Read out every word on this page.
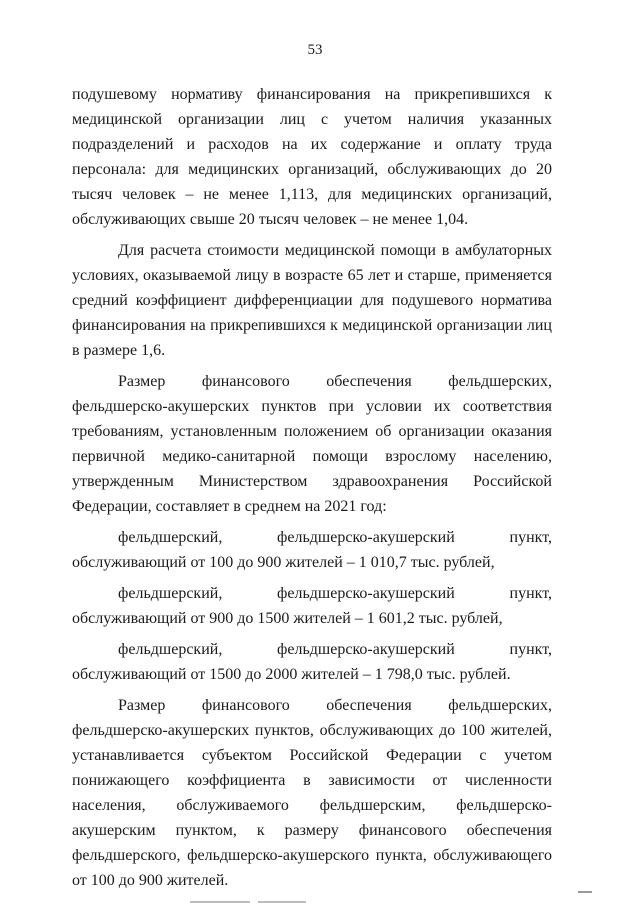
53

подушевому нормативу финансирования на прикрепившихся к медицинской организации лиц с учетом наличия указанных подразделений и расходов на их содержание и оплату труда персонала: для медицинских организаций, обслуживающих до 20 тысяч человек – не менее 1,113, для медицинских организаций, обслуживающих свыше 20 тысяч человек – не менее 1,04.

Для расчета стоимости медицинской помощи в амбулаторных условиях, оказываемой лицу в возрасте 65 лет и старше, применяется средний коэффициент дифференциации для подушевого норматива финансирования на прикрепившихся к медицинской организации лиц в размере 1,6.

Размер финансового обеспечения фельдшерских, фельдшерско-акушерских пунктов при условии их соответствия требованиям, установленным положением об организации оказания первичной медико-санитарной помощи взрослому населению, утвержденным Министерством здравоохранения Российской Федерации, составляет в среднем на 2021 год:

фельдшерский, фельдшерско-акушерский пункт, обслуживающий от 100 до 900 жителей – 1 010,7 тыс. рублей,

фельдшерский, фельдшерско-акушерский пункт, обслуживающий от 900 до 1500 жителей – 1 601,2 тыс. рублей,

фельдшерский, фельдшерско-акушерский пункт, обслуживающий от 1500 до 2000 жителей – 1 798,0 тыс. рублей.

Размер финансового обеспечения фельдшерских, фельдшерско-акушерских пунктов, обслуживающих до 100 жителей, устанавливается субъектом Российской Федерации с учетом понижающего коэффициента в зависимости от численности населения, обслуживаемого фельдшерским, фельдшерско-акушерским пунктом, к размеру финансового обеспечения фельдшерского, фельдшерско-акушерского пункта, обслуживающего от 100 до 900 жителей.
